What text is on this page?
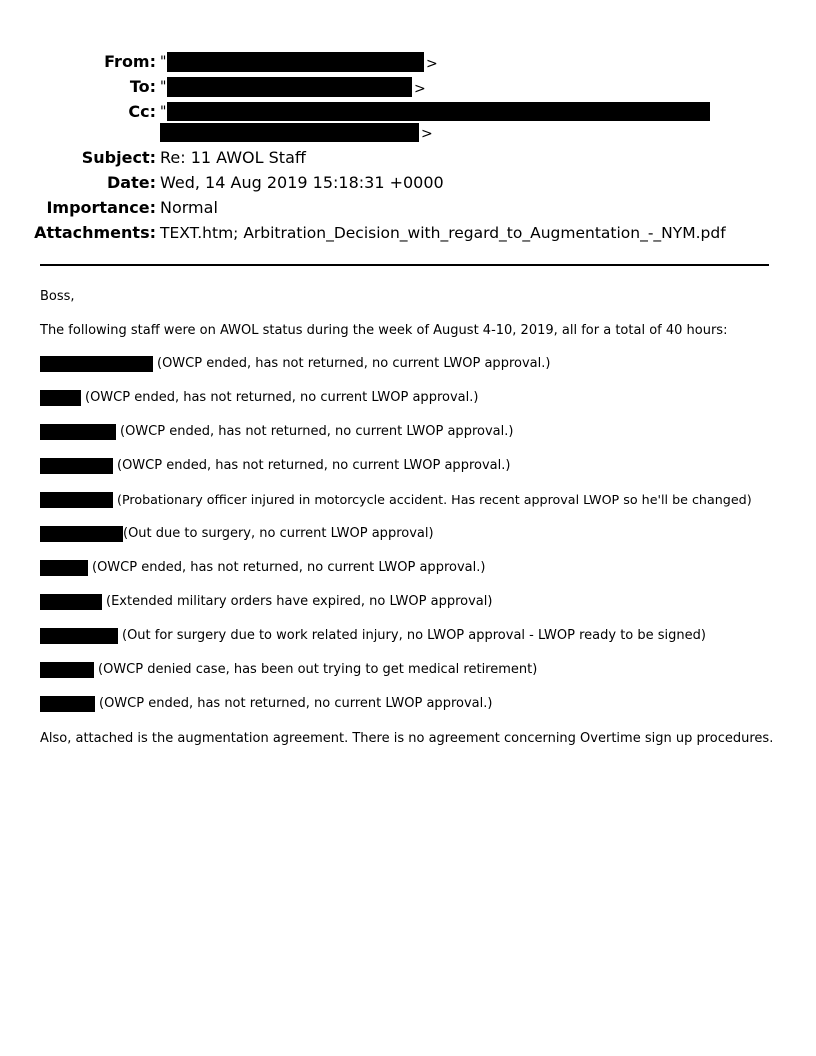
From: "	>
To: "	>
Cc: "
>
Subject: Re: 11 AWOL Staff
Date: Wed, 14 Aug 2019 15:18:31 +0000
Importance: Normal
Attachments: TEXT.htm; Arbitration_Decision_with_regard_to_Augmentation_-_NYM.pdf
Boss,
The following staff were on AWOL status during the week of August 4-10, 2019, all for a total of 40 hours:
(OWCP ended, has not returned, no current LWOP approval.)
(OWCP ended, has not returned, no current LWOP approval.)
(OWCP ended, has not returned, no current LWOP approval.)
(OWCP ended, has not returned, no current LWOP approval.)
(Probationary officer injured in motorcycle accident. Has recent approval LWOP so he'll be changed)
(Out due to surgery, no current LWOP approval)
(OWCP ended, has not returned, no current LWOP approval.)
(Extended military orders have expired, no LWOP approval)
(Out for surgery due to work related injury, no LWOP approval - LWOP ready to be signed)
(OWCP denied case, has been out trying to get medical retirement)
(OWCP ended, has not returned, no current LWOP approval.)
Also, attached is the augmentation agreement. There is no agreement concerning Overtime sign up procedures.
